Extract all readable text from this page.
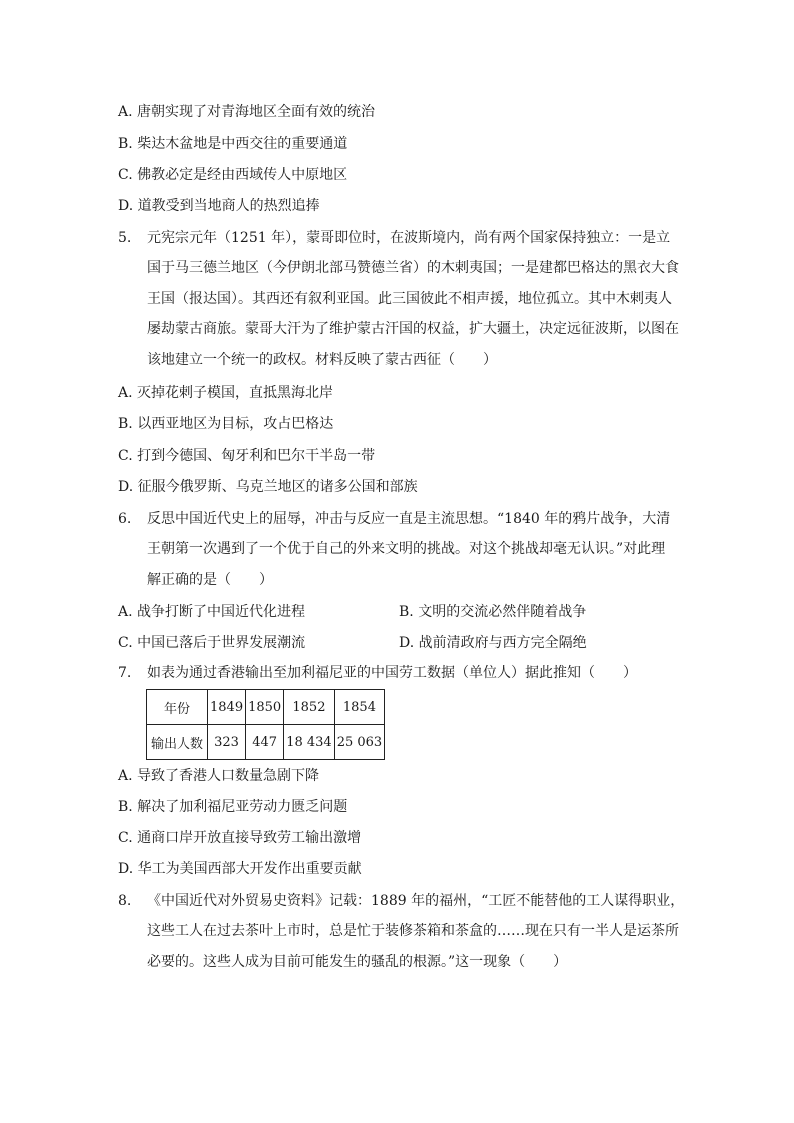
A. 唐朝实现了对青海地区全面有效的统治
B. 柴达木盆地是中西交往的重要通道
C. 佛教必定是经由西域传人中原地区
D. 道教受到当地商人的热烈追捧
5. 元宪宗元年（1251 年），蒙哥即位时，在波斯境内，尚有两个国家保持独立：一是立
国于马三德兰地区（今伊朗北部马赞德兰省）的木剌夷国；一是建都巴格达的黑衣大食
王国（报达国）。其西还有叙利亚国。此三国彼此不相声援，地位孤立。其中木剌夷人
屡劫蒙古商旅。蒙哥大汗为了维护蒙古汗国的权益，扩大疆土，决定远征波斯，以图在
该地建立一个统一的政权。材料反映了蒙古西征（　　）
A. 灭掉花剌子模国，直抵黑海北岸
B. 以西亚地区为目标，攻占巴格达
C. 打到今德国、匈牙利和巴尔干半岛一带
D. 征服今俄罗斯、乌克兰地区的诸多公国和部族
6. 反思中国近代史上的屈辱，冲击与反应一直是主流思想。“1840 年的鸦片战争，大清
王朝第一次遇到了一个优于自己的外来文明的挑战。对这个挑战却毫无认识。”对此理
解正确的是（　　）
A. 战争打断了中国近代化进程	B. 文明的交流必然伴随着战争
C. 中国已落后于世界发展潮流	D. 战前清政府与西方完全隔绝
7. 如表为通过香港输出至加利福尼亚的中国劳工数据（单位人）据此推知（　　）
年份	1849	1850	1852	1854
输出人数	323	447	18 434	25 063
A. 导致了香港人口数量急剧下降
B. 解决了加利福尼亚劳动力匮乏问题
C. 通商口岸开放直接导致劳工输出激增
D. 华工为美国西部大开发作出重要贡献
8. 《中国近代对外贸易史资料》记载：1889 年的福州，“工匠不能替他的工人谋得职业，
这些工人在过去茶叶上市时，总是忙于装修茶箱和茶盒的……现在只有一半人是运茶所
必要的。这些人成为目前可能发生的骚乱的根源。”这一现象（　　）
